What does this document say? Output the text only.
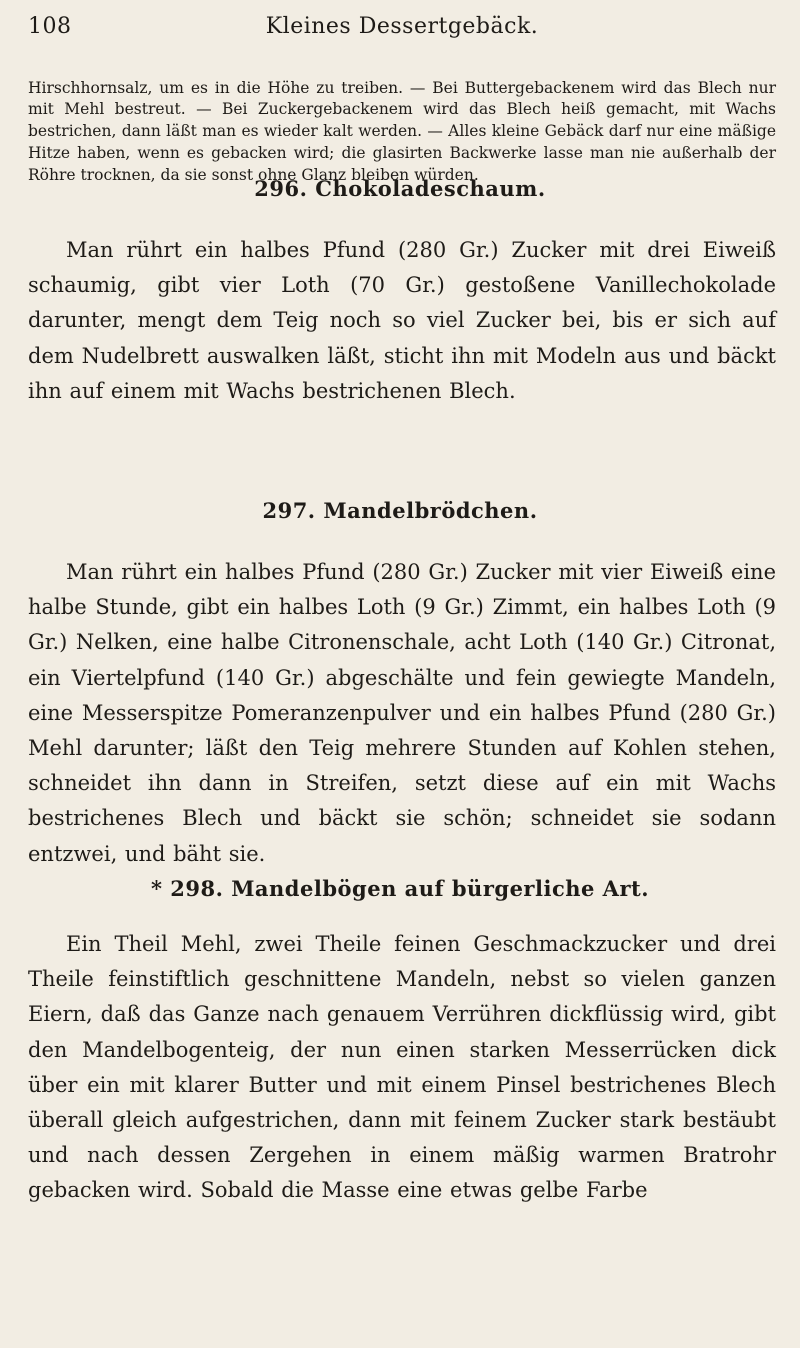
108	Kleines Dessertgebäck.

Hirschhornsalz, um es in die Höhe zu treiben. — Bei Buttergebackenem wird das Blech nur mit Mehl bestreut. — Bei Zuckergebackenem wird das Blech heiß gemacht, mit Wachs bestrichen, dann läßt man es wieder kalt werden. — Alles kleine Gebäck darf nur eine mäßige Hitze haben, wenn es gebacken wird; die glasirten Backwerke lasse man nie außerhalb der Röhre trocknen, da sie sonst ohne Glanz bleiben würden.

296. Chokoladeschaum.

Man rührt ein halbes Pfund (280 Gr.) Zucker mit drei Eiweiß schaumig, gibt vier Loth (70 Gr.) gestoßene Vanillechokolade darunter, mengt dem Teig noch so viel Zucker bei, bis er sich auf dem Nudelbrett auswalken läßt, sticht ihn mit Modeln aus und bäckt ihn auf einem mit Wachs bestrichenen Blech.

297. Mandelbrödchen.

Man rührt ein halbes Pfund (280 Gr.) Zucker mit vier Eiweiß eine halbe Stunde, gibt ein halbes Loth (9 Gr.) Zimmt, ein halbes Loth (9 Gr.) Nelken, eine halbe Citronenschale, acht Loth (140 Gr.) Citronat, ein Viertelpfund (140 Gr.) abgeschälte und fein gewiegte Mandeln, eine Messerspitze Pomeranzenpulver und ein halbes Pfund (280 Gr.) Mehl darunter; läßt den Teig mehrere Stunden auf Kohlen stehen, schneidet ihn dann in Streifen, setzt diese auf ein mit Wachs bestrichenes Blech und bäckt sie schön; schneidet sie sodann entzwei, und bäht sie.

* 298. Mandelbögen auf bürgerliche Art.

Ein Theil Mehl, zwei Theile feinen Geschmackzucker und drei Theile feinstiftlich geschnittene Mandeln, nebst so vielen ganzen Eiern, daß das Ganze nach genauem Verrühren dickflüssig wird, gibt den Mandelbogenteig, der nun einen starken Messerrücken dick über ein mit klarer Butter und mit einem Pinsel bestrichenes Blech überall gleich aufgestrichen, dann mit feinem Zucker stark bestäubt und nach dessen Zergehen in einem mäßig warmen Bratrohr gebacken wird. Sobald die Masse eine etwas gelbe Farbe
